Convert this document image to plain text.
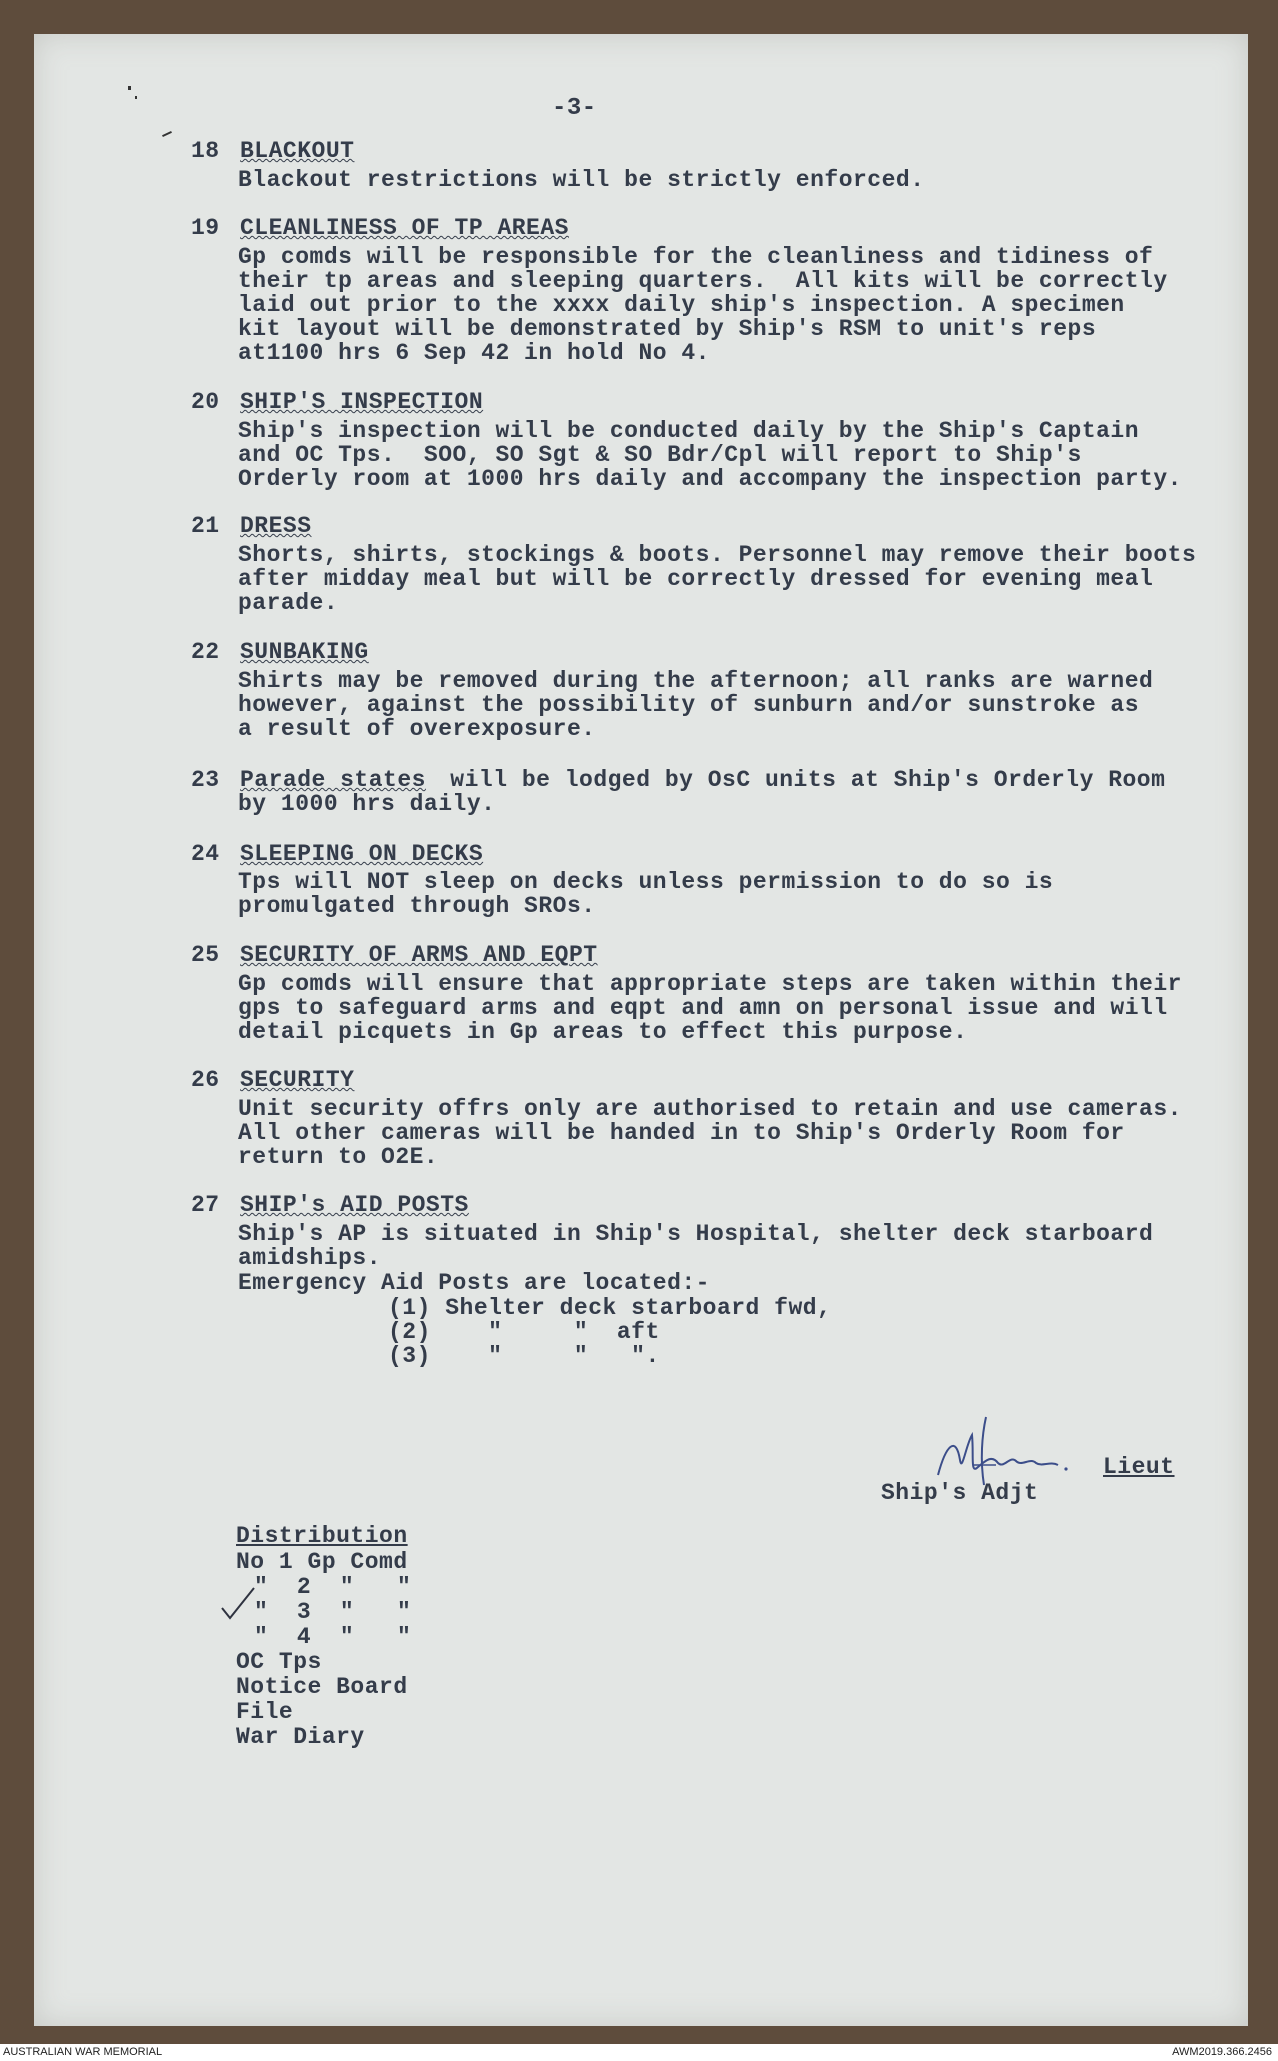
-3-
18 BLACKOUT
Blackout restrictions will be strictly enforced.
19 CLEANLINESS OF TP AREAS
Gp comds will be responsible for the cleanliness and tidiness of
their tp areas and sleeping quarters.  All kits will be correctly
laid out prior to the xxxx daily ship's inspection. A specimen
kit layout will be demonstrated by Ship's RSM to unit's reps
at1100 hrs 6 Sep 42 in hold No 4.
20 SHIP'S INSPECTION
Ship's inspection will be conducted daily by the Ship's Captain
and OC Tps.  SOO, SO Sgt & SO Bdr/Cpl will report to Ship's
Orderly room at 1000 hrs daily and accompany the inspection party.
21 DRESS
Shorts, shirts, stockings & boots. Personnel may remove their boots
after midday meal but will be correctly dressed for evening meal
parade.
22 SUNBAKING
Shirts may be removed during the afternoon; all ranks are warned
however, against the possibility of sunburn and/or sunstroke as
a result of overexposure.
23 Parade states will be lodged by OsC units at Ship's Orderly Room
by 1000 hrs daily.
24 SLEEPING ON DECKS
Tps will NOT sleep on decks unless permission to do so is
promulgated through SROs.
25 SECURITY OF ARMS AND EQPT
Gp comds will ensure that appropriate steps are taken within their
gps to safeguard arms and eqpt and amn on personal issue and will
detail picquets in Gp areas to effect this purpose.
26 SECURITY
Unit security offrs only are authorised to retain and use cameras.
All other cameras will be handed in to Ship's Orderly Room for
return to O2E.
27 SHIP's AID POSTS
Ship's AP is situated in Ship's Hospital, shelter deck starboard
amidships.
Emergency Aid Posts are located:-
(1) Shelter deck starboard fwd,
(2)    "     "  aft
(3)    "     "   ".
Lieut
Ship's Adjt
Distribution
No 1 Gp Comd
"  2  "   "
"  3  "   "
"  4  "   "
OC Tps
Notice Board
File
War Diary
AUSTRALIAN WAR MEMORIAL	AWM2019.366.2456
